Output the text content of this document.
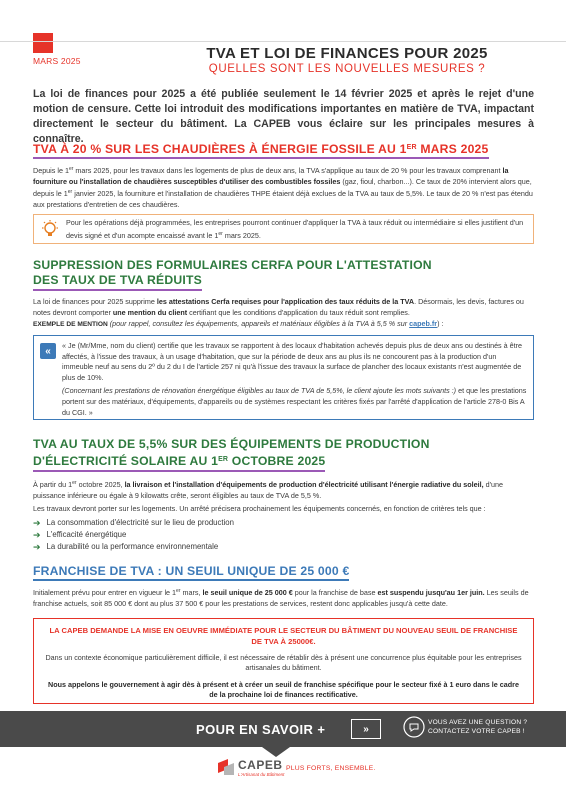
MARS 2025	TVA ET LOI DE FINANCES POUR 2025
QUELLES SONT LES NOUVELLES MESURES ?

La loi de finances pour 2025 a été publiée seulement le 14 février 2025 et après le rejet d'une motion de censure. Cette loi introduit des modifications importantes en matière de TVA, impactant directement le secteur du bâtiment. La CAPEB vous éclaire sur les principales mesures à connaître.

TVA À 20 % SUR LES CHAUDIÈRES À ÉNERGIE FOSSILE AU 1ER MARS 2025

Depuis le 1er mars 2025, pour les travaux dans les logements de plus de deux ans, la TVA s'applique au taux de 20 % pour les travaux comprenant la fourniture ou l'installation de chaudières susceptibles d'utiliser des combustibles fossiles (gaz, fioul, charbon...). Ce taux de 20% intervient alors que, depuis le 1er janvier 2025, la fourniture et l'installation de chaudières THPE étaient déjà exclues de la TVA au taux de 5,5%. Le taux de 20 % n'est pas étendu aux prestations d'entretien de ces chaudières.

Pour les opérations déjà programmées, les entreprises pourront continuer d'appliquer la TVA à taux réduit ou intermédiaire si elles justifient d'un devis signé et d'un acompte encaissé avant le 1er mars 2025.

SUPPRESSION DES FORMULAIRES CERFA POUR L'ATTESTATION
DES TAUX DE TVA RÉDUITS

La loi de finances pour 2025 supprime les attestations Cerfa requises pour l'application des taux réduits de la TVA. Désormais, les devis, factures ou notes devront comporter une mention du client certifiant que les conditions d'application du taux réduit sont remplies.

EXEMPLE DE MENTION (pour rappel, consultez les équipements, appareils et matériaux éligibles à la TVA à 5,5 % sur capeb.fr) :

«	« Je (Mr/Mme, nom du client) certifie que les travaux se rapportent à des locaux d'habitation achevés depuis plus de deux ans ou destinés à être affectés, à l'issue des travaux, à un usage d'habitation, que sur la période de deux ans au plus ils ne concourent pas à la production d'un immeuble neuf au sens du 2º du 2 du I de l'article 257 ni qu'à l'issue des travaux la surface de plancher des locaux existants n'est augmentée de plus de 10%.

(Concernant les prestations de rénovation énergétique éligibles au taux de TVA de 5,5%, le client ajoute les mots suivants :) et que les prestations portent sur des matériaux, d'équipements, d'appareils ou de systèmes respectant les critères fixés par l'arrêté d'application de l'article 278-0 Bis A du CGI. »

TVA AU TAUX DE 5,5% SUR DES ÉQUIPEMENTS DE PRODUCTION
D'ÉLECTRICITÉ SOLAIRE AU 1ER OCTOBRE 2025

À partir du 1er octobre 2025, la livraison et l'installation d'équipements de production d'électricité utilisant l'énergie radiative du soleil, d'une puissance inférieure ou égale à 9 kilowatts crête, seront éligibles au taux de TVA de 5,5 %.

Les travaux devront porter sur les logements. Un arrêté précisera prochainement les équipements concernés, en fonction de critères tels que :

➔ La consommation d'électricité sur le lieu de production
➔ L'efficacité énergétique
➔ La durabilité ou la performance environnementale
FRANCHISE DE TVA : UN SEUIL UNIQUE DE 25 000 €

Initialement prévu pour entrer en vigueur le 1er mars, le seuil unique de 25 000 € pour la franchise de base est suspendu jusqu'au 1er juin. Les seuils de franchise actuels, soit 85 000 € dont au plus 37 500 € pour les prestations de services, restent donc applicables jusqu'à cette date.

LA CAPEB DEMANDE LA MISE EN OEUVRE IMMÉDIATE POUR LE SECTEUR DU BÂTIMENT DU NOUVEAU SEUIL DE FRANCHISE DE TVA À 25000€.
Dans un contexte économique particulièrement difficile, il est nécessaire de rétablir dès à présent une concurrence plus équitable pour les entreprises artisanales du bâtiment.
Nous appelons le gouvernement à agir dès à présent et à créer un seuil de franchise spécifique pour le secteur fixé à 1 euro dans le cadre de la prochaine loi de finances rectificative.
POUR EN SAVOIR +	»
VOUS AVEZ UNE QUESTION ?
CONTACTEZ VOTRE CAPEB !
CAPEB
L'Artisanat du Bâtiment
PLUS FORTS, ENSEMBLE.
